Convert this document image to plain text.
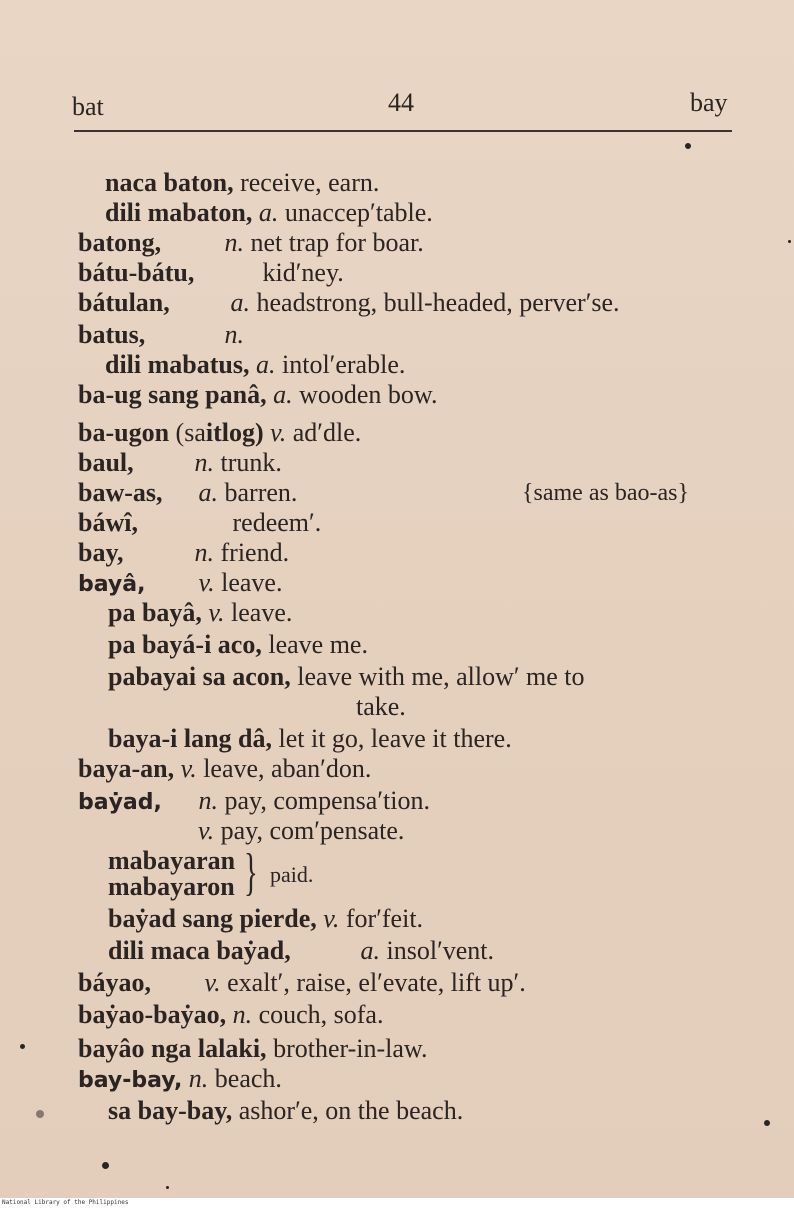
bat	44	bay
naca baton, receive, earn.
dili mabaton, a. unaccep′table.
batong, n. net trap for boar.
bátu-bátu,	kid′ney.
bátulan, a. headstrong, bull-headed, perver′se.
batus,	n.
dili mabatus, a. intol′erable.
ba-ug sang panâ, a. wooden bow.
ba-ugon (saitlog) v. ad′dle.
baul, n. trunk.
baw-as, a. barren.	{same as bao-as}
báwî,	redeem′.
bay,	n. friend.
bayâ, v. leave.
pa bayâ, v. leave.
pa bayá-i aco, leave me.
pabayai sa acon, leave with me, allow′ me to
take.
baya-i lang dâ, let it go, leave it there.
baya-an, v. leave, aban′don.
baẏad, n. pay, compensa′tion.
v. pay, com′pensate.
mabayaran
mabayaron } paid.
baẏad sang pierde, v. for′feit.
dili maca baẏad,	a. insol′vent.
báyao, v. exalt′, raise, el′evate, lift up′.
baẏao-baẏao, n. couch, sofa.
bayâo nga lalaki, brother-in-law.
bay-bay, n. beach.
sa bay-bay, ashor′e, on the beach.
National Library of the Philippines
